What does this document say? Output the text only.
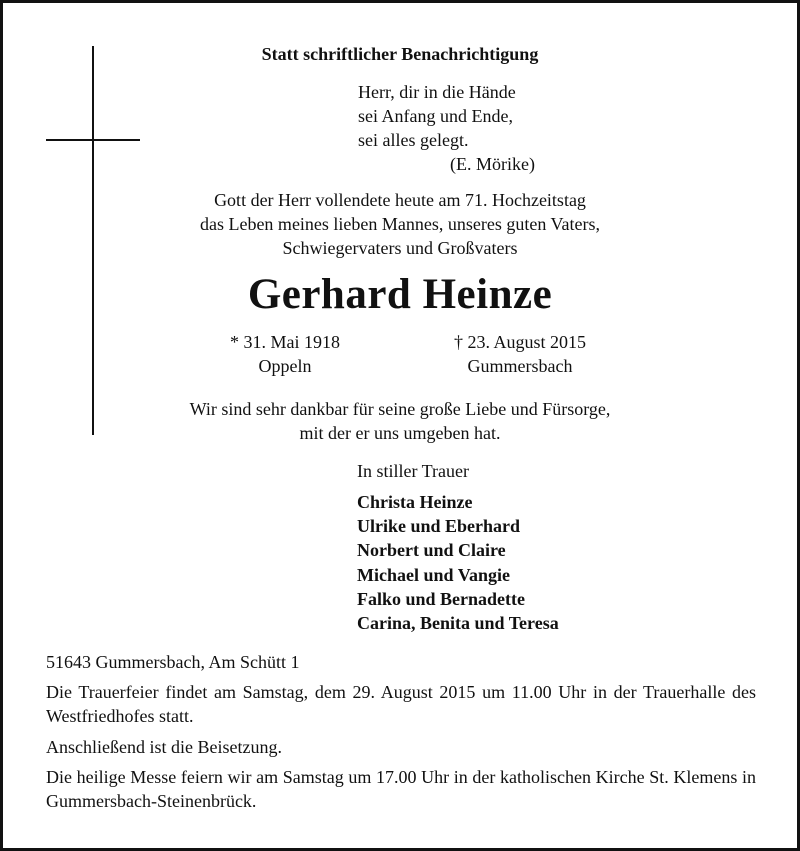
Statt schriftlicher Benachrichtigung
Herr, dir in die Hände
sei Anfang und Ende,
sei alles gelegt.
(E. Mörike)
Gott der Herr vollendete heute am 71. Hochzeitstag
das Leben meines lieben Mannes, unseres guten Vaters,
Schwiegervaters und Großvaters
Gerhard Heinze
* 31. Mai 1918
Oppeln
† 23. August 2015
Gummersbach
Wir sind sehr dankbar für seine große Liebe und Fürsorge,
mit der er uns umgeben hat.
In stiller Trauer
Christa Heinze
Ulrike und Eberhard
Norbert und Claire
Michael und Vangie
Falko und Bernadette
Carina, Benita und Teresa
51643 Gummersbach, Am Schütt 1
Die Trauerfeier findet am Samstag, dem 29. August 2015 um 11.00 Uhr in der Trauerhalle des Westfriedhofes statt.
Anschließend ist die Beisetzung.
Die heilige Messe feiern wir am Samstag um 17.00 Uhr in der katholischen Kirche St. Klemens in Gummersbach-Steinenbrück.
